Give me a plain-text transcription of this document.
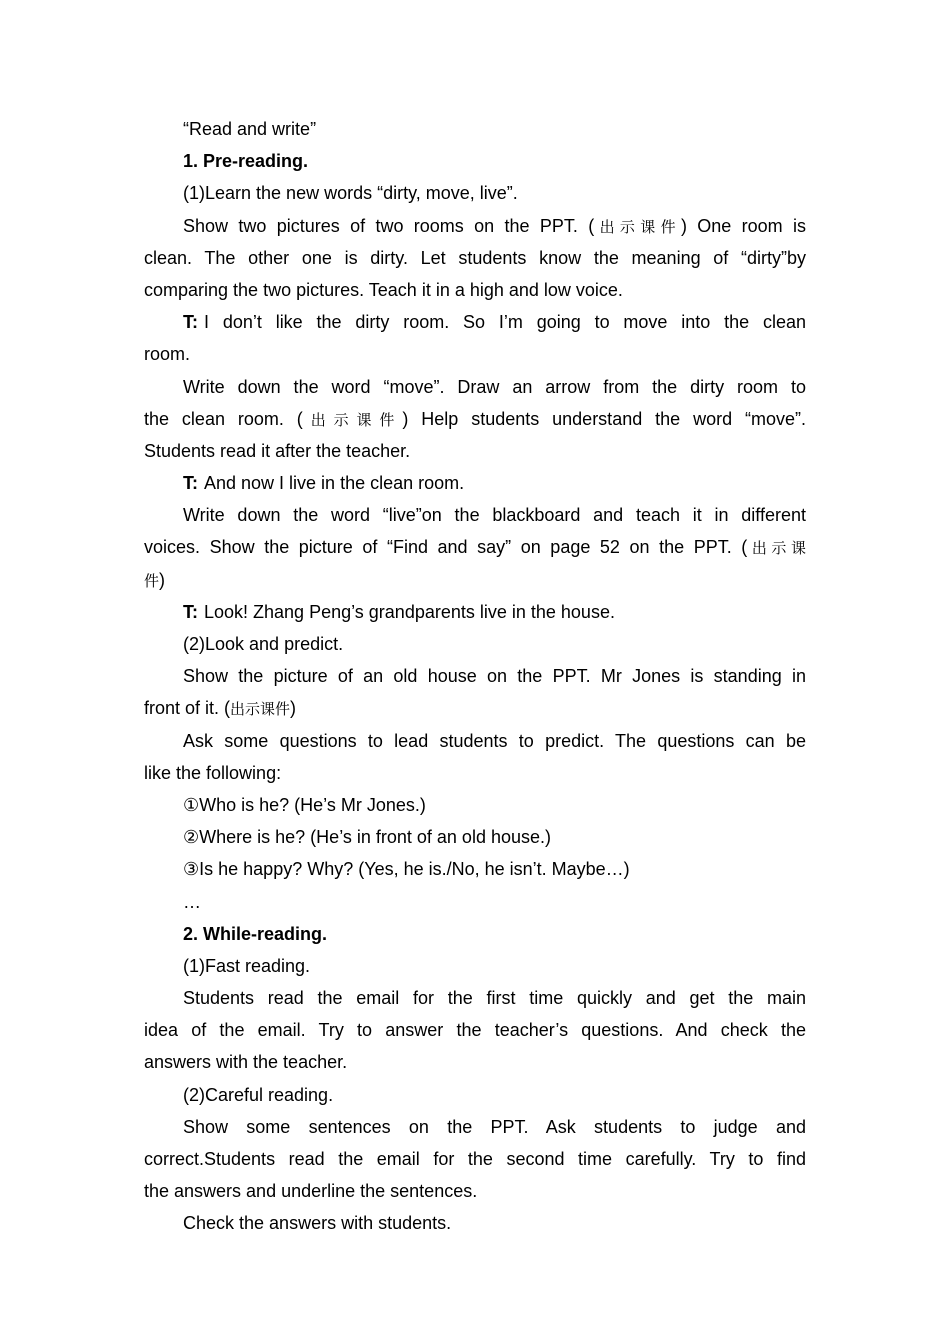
“Read and write”
1. Pre-reading.
(1)Learn the new words “dirty, move, live”.
Show two pictures of two rooms on the PPT. (出示课件) One room is
clean. The other one is dirty. Let students know the meaning of “dirty”by
comparing the two pictures. Teach it in a high and low voice.
T: I don’t like the dirty room. So I’m going to move into the clean
room.
Write down the word “move”. Draw an arrow from the dirty room to
the clean room. (出示课件) Help students understand the word “move”.
Students read it after the teacher.
T: And now I live in the clean room.
Write down the word “live”on the blackboard and teach it in different
voices. Show the picture of “Find and say” on page 52 on the PPT. (出示课
件)
T: Look! Zhang Peng’s grandparents live in the house.
(2)Look and predict.
Show the picture of an old house on the PPT. Mr Jones is standing in
front of it. (出示课件)
Ask some questions to lead students to predict. The questions can be
like the following:
①Who is he? (He’s Mr Jones.)
②Where is he? (He’s in front of an old house.)
③Is he happy? Why? (Yes, he is./No, he isn’t. Maybe…)
…
2. While-reading.
(1)Fast reading.
Students read the email for the first time quickly and get the main
idea of the email. Try to answer the teacher’s questions. And check the
answers with the teacher.
(2)Careful reading.
Show some sentences on the PPT. Ask students to judge and
correct.Students read the email for the second time carefully. Try to find
the answers and underline the sentences.
Check the answers with students.
